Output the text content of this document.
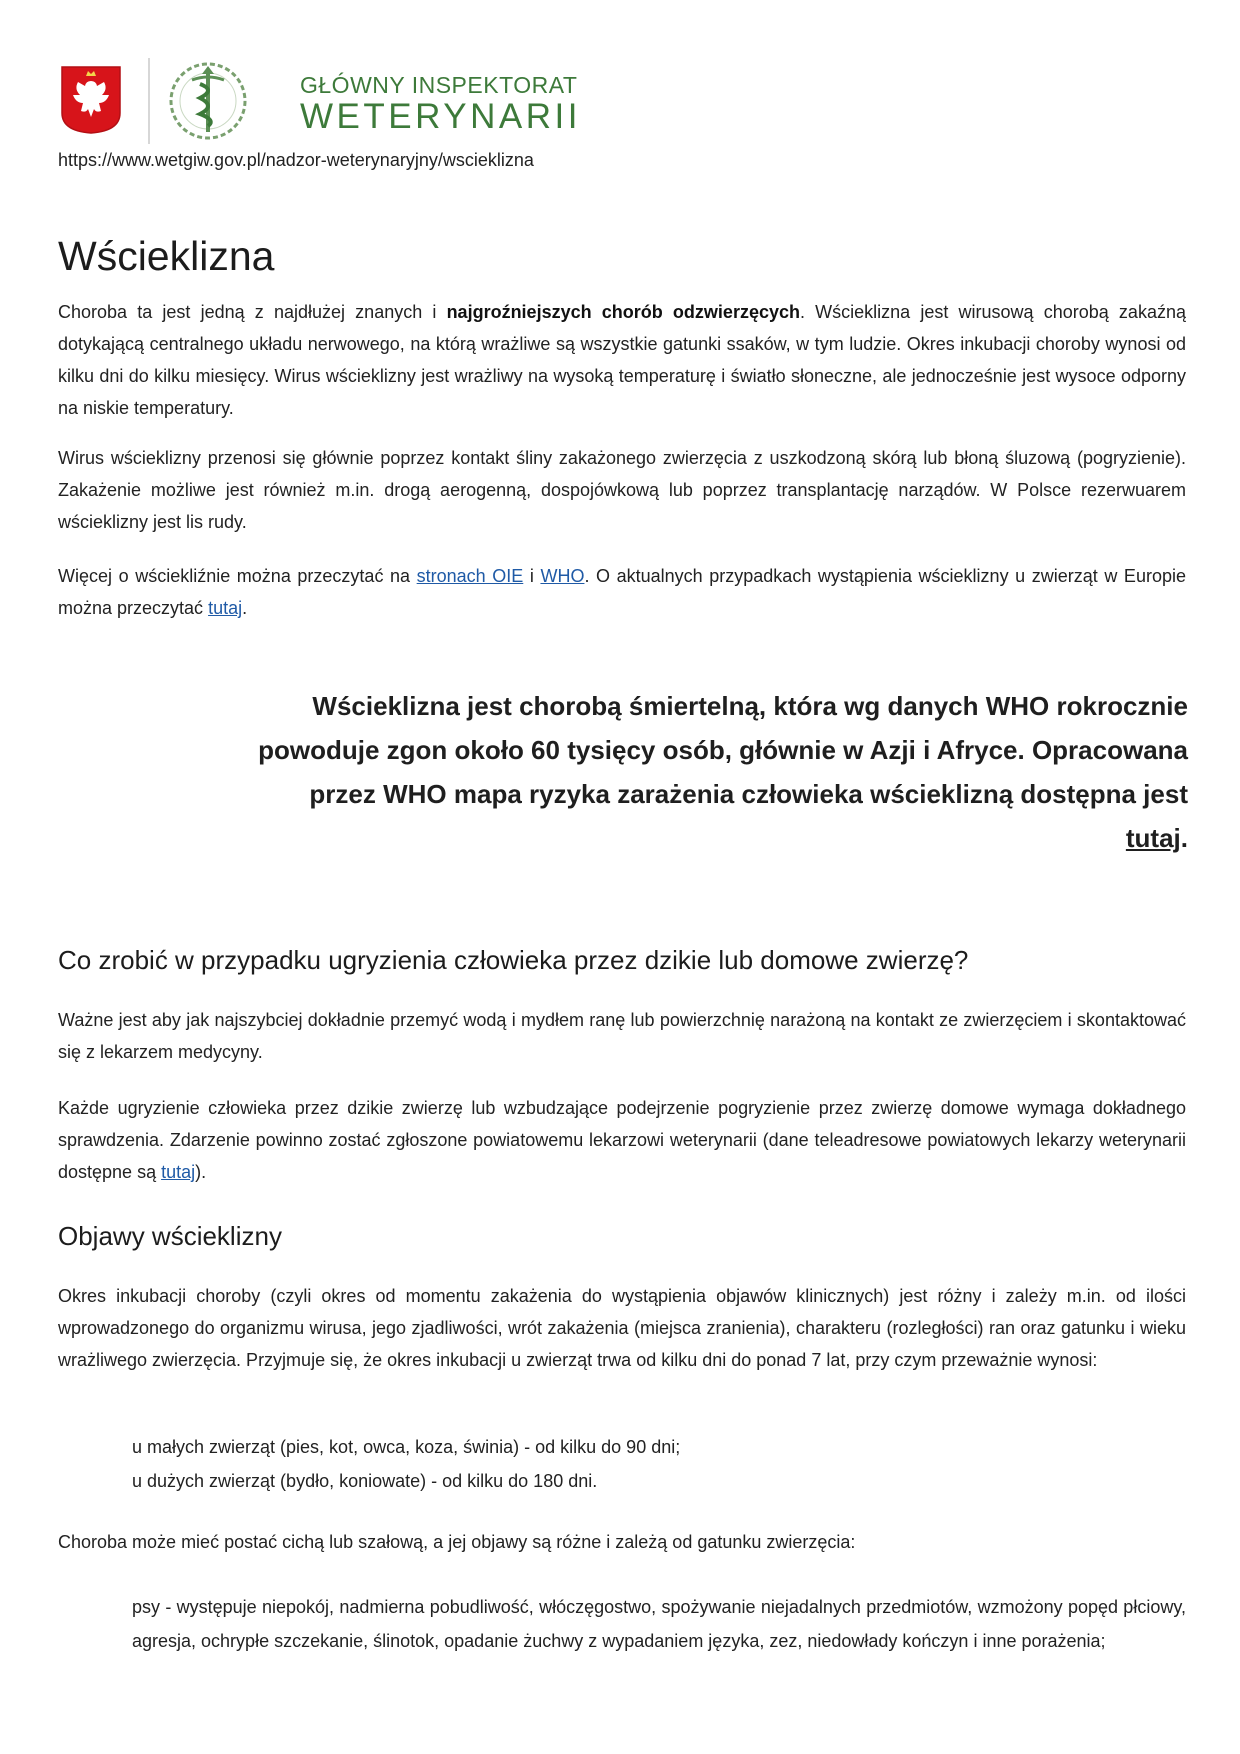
GŁÓWNY INSPEKTORAT
WETERYNARII
https://www.wetgiw.gov.pl/nadzor-weterynaryjny/wscieklizna
Wścieklizna

Choroba ta jest jedną z najdłużej znanych i najgroźniejszych chorób odzwierzęcych. Wścieklizna jest wirusową chorobą zakaźną dotykającą centralnego układu nerwowego, na którą wrażliwe są wszystkie gatunki ssaków, w tym ludzie. Okres inkubacji choroby wynosi od kilku dni do kilku miesięcy. Wirus wścieklizny jest wrażliwy na wysoką temperaturę i światło słoneczne, ale jednocześnie jest wysoce odporny na niskie temperatury.

Wirus wścieklizny przenosi się głównie poprzez kontakt śliny zakażonego zwierzęcia z uszkodzoną skórą lub błoną śluzową (pogryzienie). Zakażenie możliwe jest również m.in. drogą aerogenną, dospojówkową lub poprzez transplantację narządów. W Polsce rezerwuarem wścieklizny jest lis rudy.

Więcej o wściekliźnie można przeczytać na stronach OIE i WHO. O aktualnych przypadkach wystąpienia wścieklizny u zwierząt w Europie można przeczytać tutaj.

Wścieklizna jest chorobą śmiertelną, która wg danych WHO rokrocznie powoduje zgon około 60 tysięcy osób, głównie w Azji i Afryce. Opracowana przez WHO mapa ryzyka zarażenia człowieka wścieklizną dostępna jest tutaj.

Co zrobić w przypadku ugryzienia człowieka przez dzikie lub domowe zwierzę?

Ważne jest aby jak najszybciej dokładnie przemyć wodą i mydłem ranę lub powierzchnię narażoną na kontakt ze zwierzęciem i skontaktować się z lekarzem medycyny.

Każde ugryzienie człowieka przez dzikie zwierzę lub wzbudzające podejrzenie pogryzienie przez zwierzę domowe wymaga dokładnego sprawdzenia. Zdarzenie powinno zostać zgłoszone powiatowemu lekarzowi weterynarii (dane teleadresowe powiatowych lekarzy weterynarii dostępne są tutaj).

Objawy wścieklizny

Okres inkubacji choroby (czyli okres od momentu zakażenia do wystąpienia objawów klinicznych) jest różny i zależy m.in. od ilości wprowadzonego do organizmu wirusa, jego zjadliwości, wrót zakażenia (miejsca zranienia), charakteru (rozległości) ran oraz gatunku i wieku wrażliwego zwierzęcia. Przyjmuje się, że okres inkubacji u zwierząt trwa od kilku dni do ponad 7 lat, przy czym przeważnie wynosi:

u małych zwierząt (pies, kot, owca, koza, świnia) - od kilku do 90 dni;
u dużych zwierząt (bydło, koniowate) - od kilku do 180 dni.

Choroba może mieć postać cichą lub szałową, a jej objawy są różne i zależą od gatunku zwierzęcia:

psy - występuje niepokój, nadmierna pobudliwość, włóczęgostwo, spożywanie niejadalnych przedmiotów, wzmożony popęd płciowy, agresja, ochrypłe szczekanie, ślinotok, opadanie żuchwy z wypadaniem języka, zez, niedowłady kończyn i inne porażenia;
